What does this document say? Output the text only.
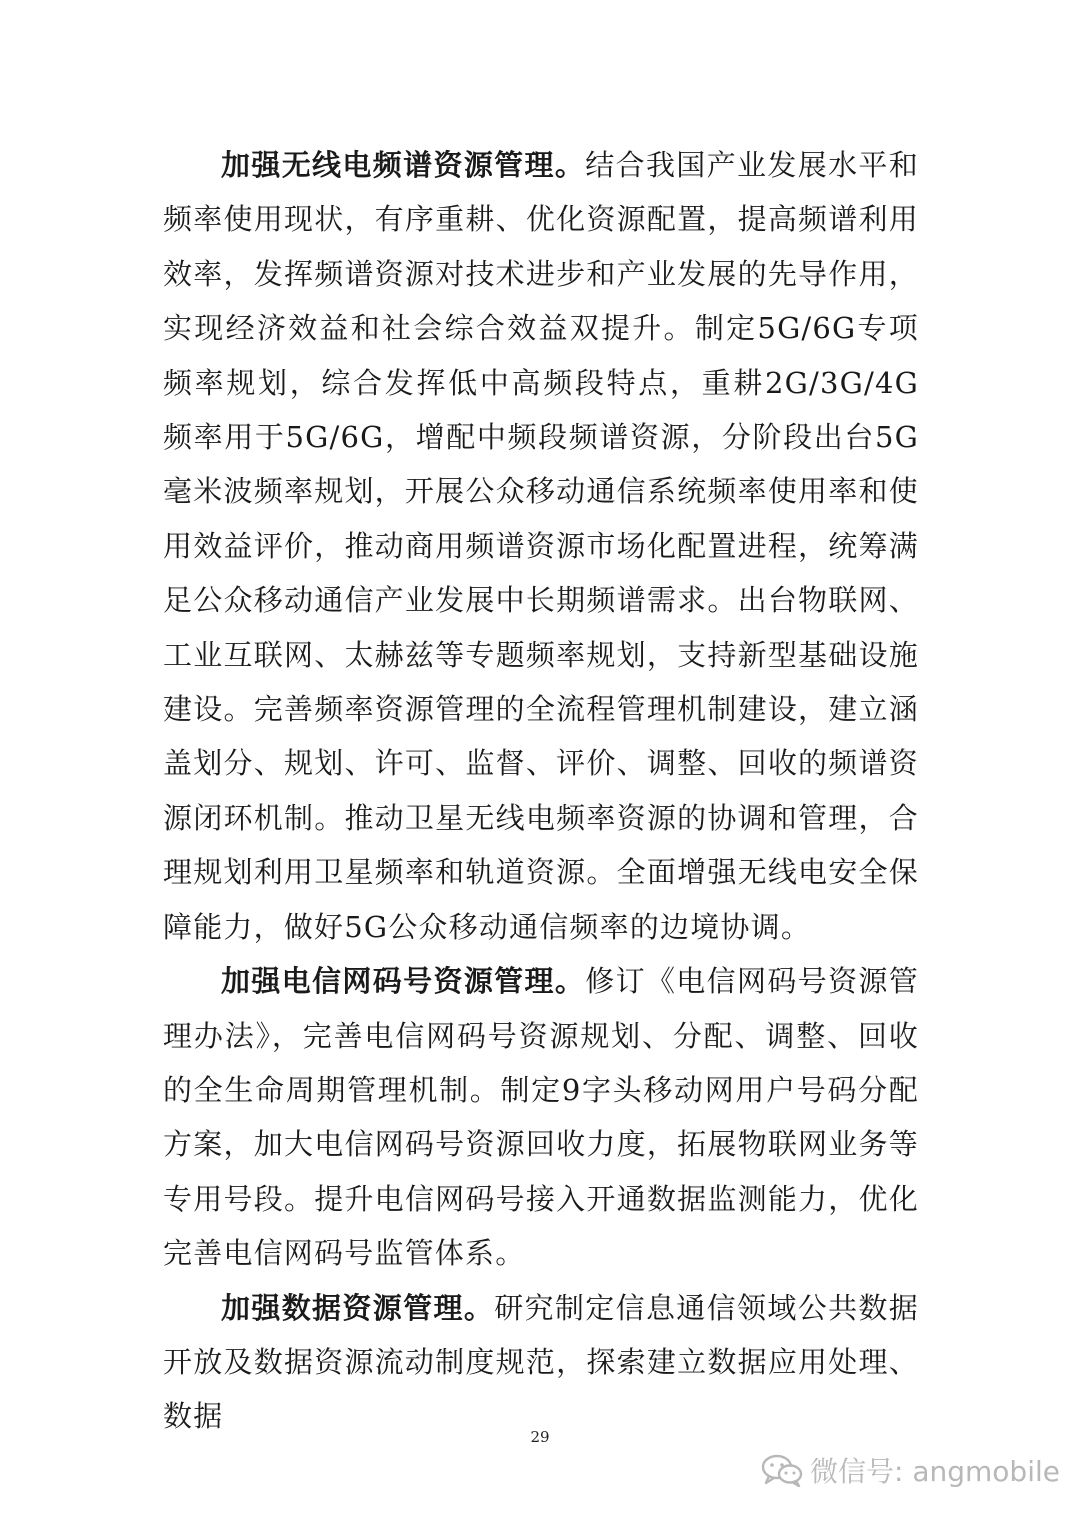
加强无线电频谱资源管理。结合我国产业发展水平和频率使用现状，有序重耕、优化资源配置，提高频谱利用效率，发挥频谱资源对技术进步和产业发展的先导作用，实现经济效益和社会综合效益双提升。制定5G/6G专项频率规划，综合发挥低中高频段特点，重耕2G/3G/4G频率用于5G/6G，增配中频段频谱资源，分阶段出台5G毫米波频率规划，开展公众移动通信系统频率使用率和使用效益评价，推动商用频谱资源市场化配置进程，统筹满足公众移动通信产业发展中长期频谱需求。出台物联网、工业互联网、太赫兹等专题频率规划，支持新型基础设施建设。完善频率资源管理的全流程管理机制建设，建立涵盖划分、规划、许可、监督、评价、调整、回收的频谱资源闭环机制。推动卫星无线电频率资源的协调和管理，合理规划利用卫星频率和轨道资源。全面增强无线电安全保障能力，做好5G公众移动通信频率的边境协调。

加强电信网码号资源管理。修订《电信网码号资源管理办法》，完善电信网码号资源规划、分配、调整、回收的全生命周期管理机制。制定9字头移动网用户号码分配方案，加大电信网码号资源回收力度，拓展物联网业务等专用号段。提升电信网码号接入开通数据监测能力，优化完善电信网码号监管体系。

加强数据资源管理。研究制定信息通信领域公共数据开放及数据资源流动制度规范，探索建立数据应用处理、数据

29
微信号: angmobile
